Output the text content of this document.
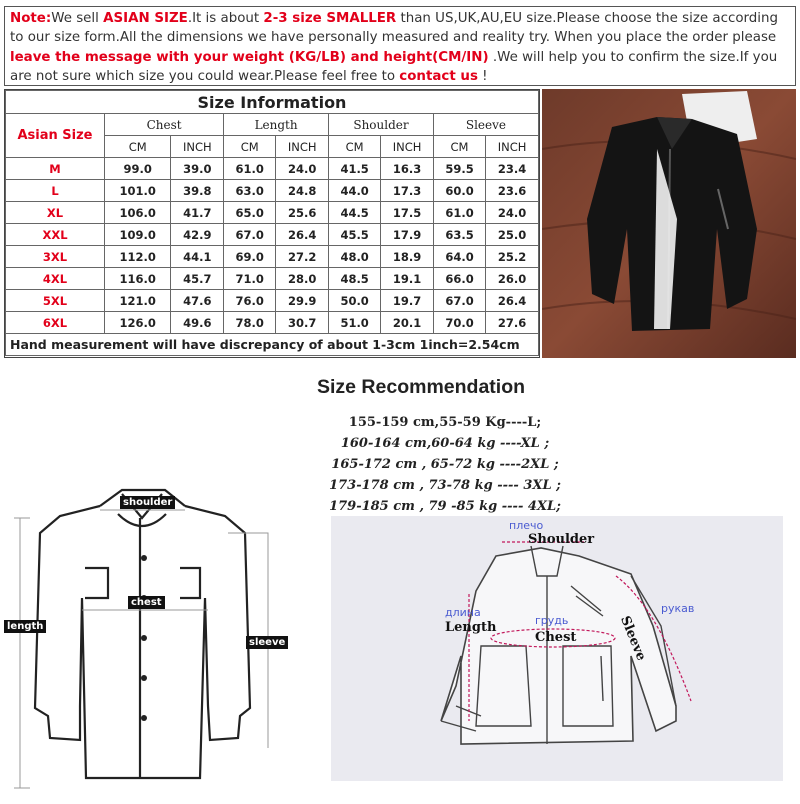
Note:We sell ASIAN SIZE.It is about 2-3 size SMALLER than US,UK,AU,EU size.Please choose the size according to our size form.All the dimensions we have personally measured and reality try. When you place the order please leave the message with your weight (KG/LB) and height(CM/IN) .We will help you to confirm the size.If you are not sure which size you could wear.Please feel free to contact us !
Size Information								
Asian Size	Chest		Length		Shoulder		Sleeve	
	CM	INCH	CM	INCH	CM	INCH	CM	INCH
M	99.0	39.0	61.0	24.0	41.5	16.3	59.5	23.4
L	101.0	39.8	63.0	24.8	44.0	17.3	60.0	23.6
XL	106.0	41.7	65.0	25.6	44.5	17.5	61.0	24.0
XXL	109.0	42.9	67.0	26.4	45.5	17.9	63.5	25.0
3XL	112.0	44.1	69.0	27.2	48.0	18.9	64.0	25.2
4XL	116.0	45.7	71.0	28.0	48.5	19.1	66.0	26.0
5XL	121.0	47.6	76.0	29.9	50.0	19.7	67.0	26.4
6XL	126.0	49.6	78.0	30.7	51.0	20.1	70.0	27.6
Hand measurement will have discrepancy of about 1-3cm 1inch=2.54cm								
Size Recommendation
155-159 cm,55-59 Kg----L;
160-164 cm,60-64 kg ----XL ;
165-172 cm , 65-72 kg ----2XL ;
173-178 cm , 73-78 kg ---- 3XL ;
179-185 cm , 79 -85 kg ---- 4XL;
shoulder
chest
length
sleeve
плечо
Shoulder
длина
Length	грудь
Chest	Sleeve
рукав
